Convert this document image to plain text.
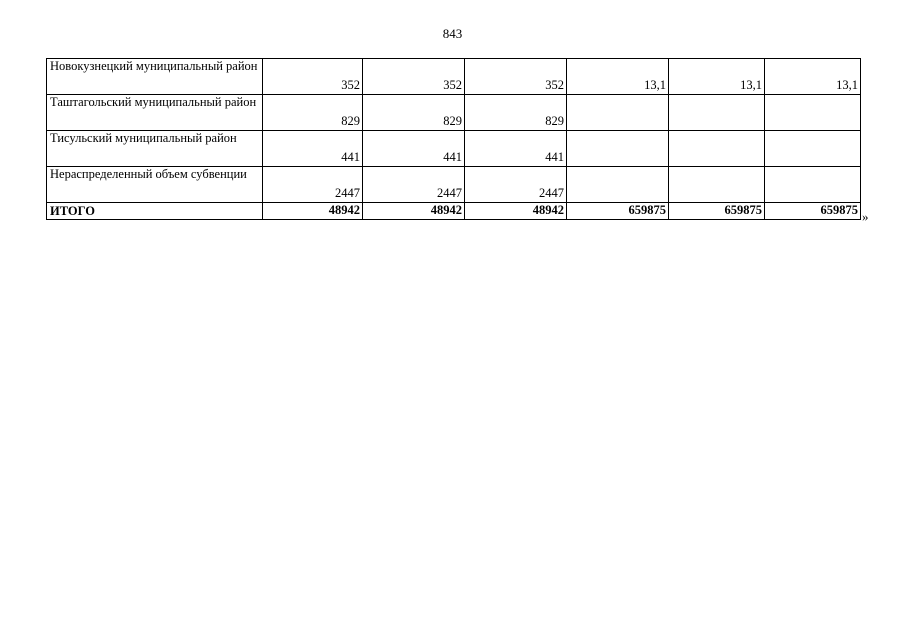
843
Новокузнецкий муниципальный район	352	352	352	13,1	13,1	13,1
Таштагольский муниципальный район	829	829	829			
Тисульский муниципальный район	441	441	441			
Нераспределенный объем субвенции	2447	2447	2447			
ИТОГО	48942	48942	48942	659875	659875	659875 »
